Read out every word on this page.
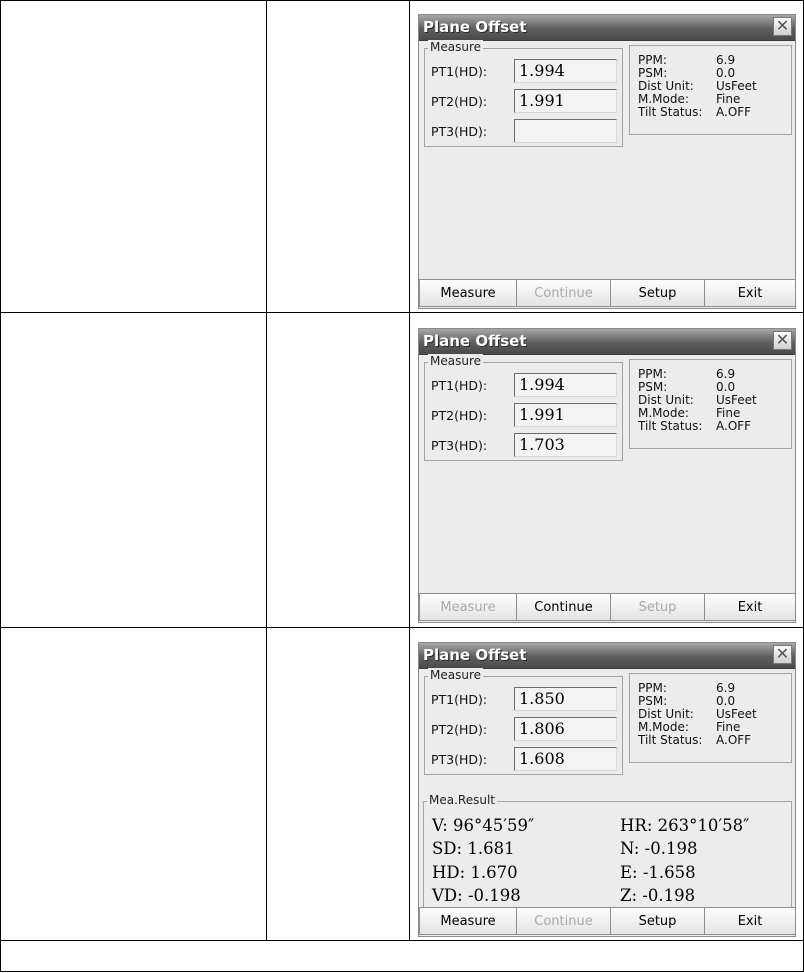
Plane Offset	✕
Measure
PT1(HD): 1.994
PT2(HD): 1.991
PT3(HD):
PPM:	6.9
PSM:	0.0
Dist Unit: UsFeet
M.Mode: Fine
Tilt Status: A.OFF
Measure	Continue	Setup	Exit
Plane Offset	✕
Measure
PT1(HD): 1.994
PT2(HD): 1.991
PT3(HD): 1.703
PPM:	6.9
PSM:	0.0
Dist Unit: UsFeet
M.Mode: Fine
Tilt Status: A.OFF
Measure	Continue	Setup	Exit
Plane Offset	✕
Measure
PT1(HD): 1.850
PT2(HD): 1.806
PT3(HD): 1.608
PPM:	6.9
PSM:	0.0
Dist Unit: UsFeet
M.Mode: Fine
Tilt Status: A.OFF
Mea.Result
V: 96°45′59″
SD: 1.681
HD: 1.670
VD: -0.198
HR: 263°10′58″
N: -0.198
E: -1.658
Z: -0.198
Measure	Continue	Setup	Exit
